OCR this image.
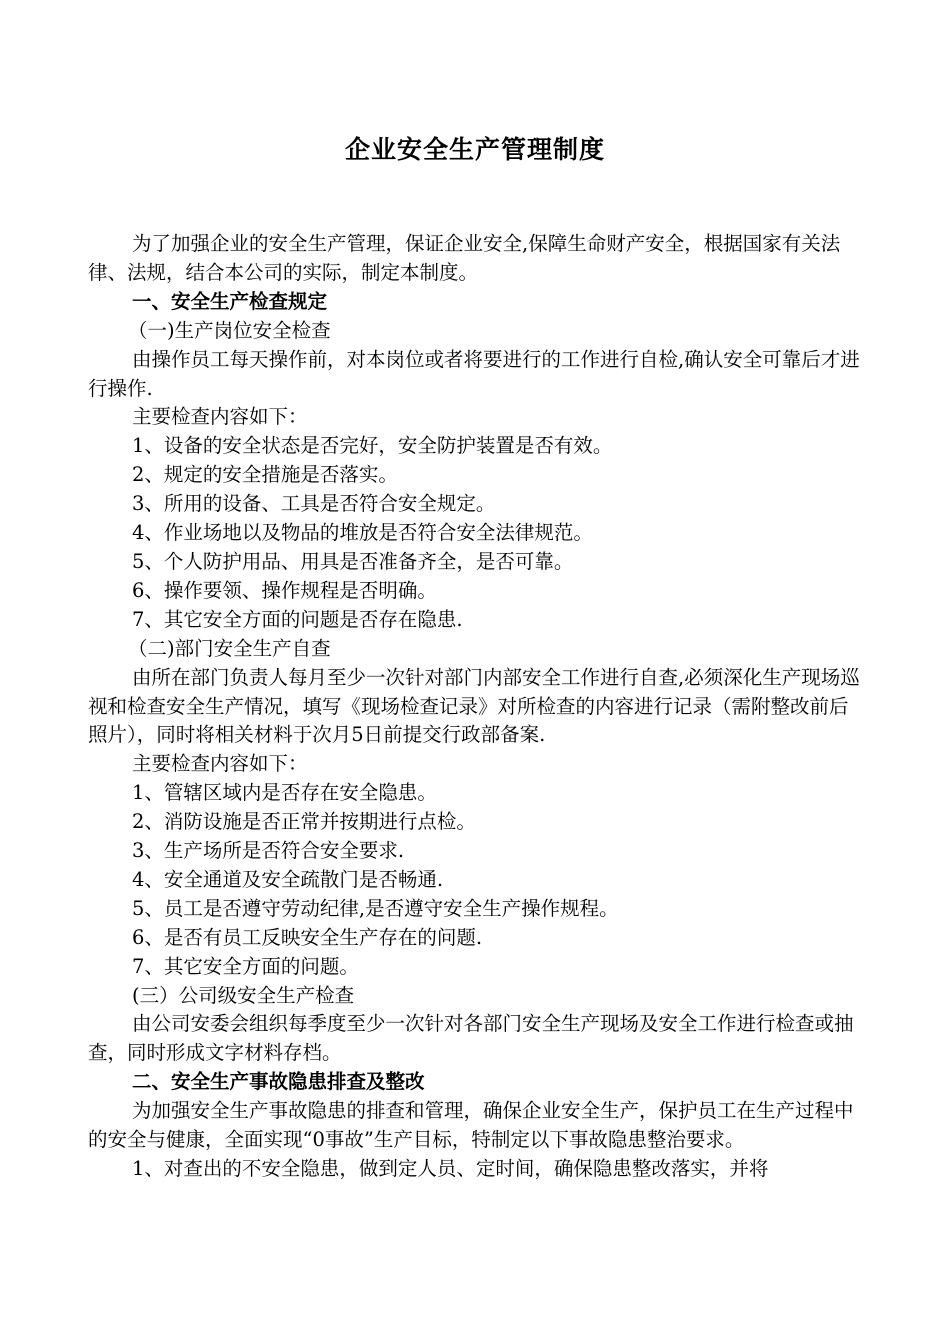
企业安全生产管理制度

为了加强企业的安全生产管理，保证企业安全,保障生命财产安全，根据国家有关法律、法规，结合本公司的实际，制定本制度。

一、安全生产检查规定

（一)生产岗位安全检查

由操作员工每天操作前，对本岗位或者将要进行的工作进行自检,确认安全可靠后才进行操作.

主要检查内容如下：

1、设备的安全状态是否完好，安全防护装置是否有效。

2、规定的安全措施是否落实。

3、所用的设备、工具是否符合安全规定。

4、作业场地以及物品的堆放是否符合安全法律规范。

5、个人防护用品、用具是否准备齐全，是否可靠。

6、操作要领、操作规程是否明确。

7、其它安全方面的问题是否存在隐患.

（二)部门安全生产自查

由所在部门负责人每月至少一次针对部门内部安全工作进行自查,必须深化生产现场巡视和检查安全生产情况，填写《现场检查记录》对所检查的内容进行记录（需附整改前后照片），同时将相关材料于次月5日前提交行政部备案.

主要检查内容如下：

1、管辖区域内是否存在安全隐患。

2、消防设施是否正常并按期进行点检。

3、生产场所是否符合安全要求.

4、安全通道及安全疏散门是否畅通.

5、员工是否遵守劳动纪律,是否遵守安全生产操作规程。

6、是否有员工反映安全生产存在的问题.

7、其它安全方面的问题。

(三）公司级安全生产检查

由公司安委会组织每季度至少一次针对各部门安全生产现场及安全工作进行检查或抽查，同时形成文字材料存档。

二、安全生产事故隐患排查及整改

为加强安全生产事故隐患的排查和管理，确保企业安全生产，保护员工在生产过程中的安全与健康，全面实现“0事故”生产目标，特制定以下事故隐患整治要求。

1、对查出的不安全隐患，做到定人员、定时间，确保隐患整改落实，并将
